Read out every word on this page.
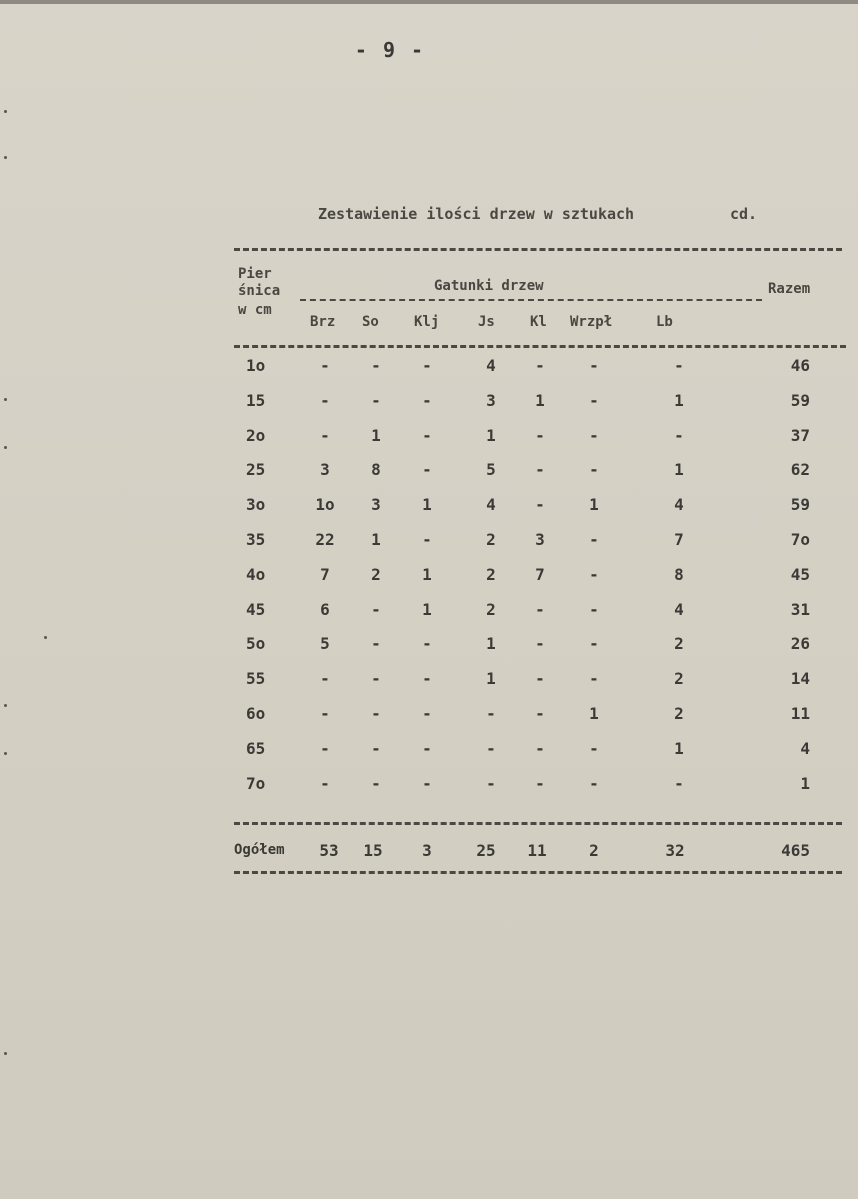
- 9 -
Zestawienie ilości drzew w sztukach	cd.
Pier
śnica
w cm
Gatunki drzew	Razem
Brz So	Klj	Js	Kl Wrzpł	Lb
1o	-	-	-	4	-	-	-	46
15	-	-	-	3	1	-	1	59
2o	-	1	-	1	-	-	-	37
25	3	8	-	5	-	-	1	62
3o	1o	3	1	4	-	1	4	59
35	22	1	-	2	3	-	7	7o
4o	7	2	1	2	7	-	8	45
45	6	-	1	2	-	-	4	31
5o	5	-	-	1	-	-	2	26
55	-	-	-	1	-	-	2	14
6o	-	-	-	-	-	1	2	11
65	-	-	-	-	-	-	1	4
7o	-	-	-	-	-	-	-	1
Ogółem	53	15	3	25	11	2	32	465
